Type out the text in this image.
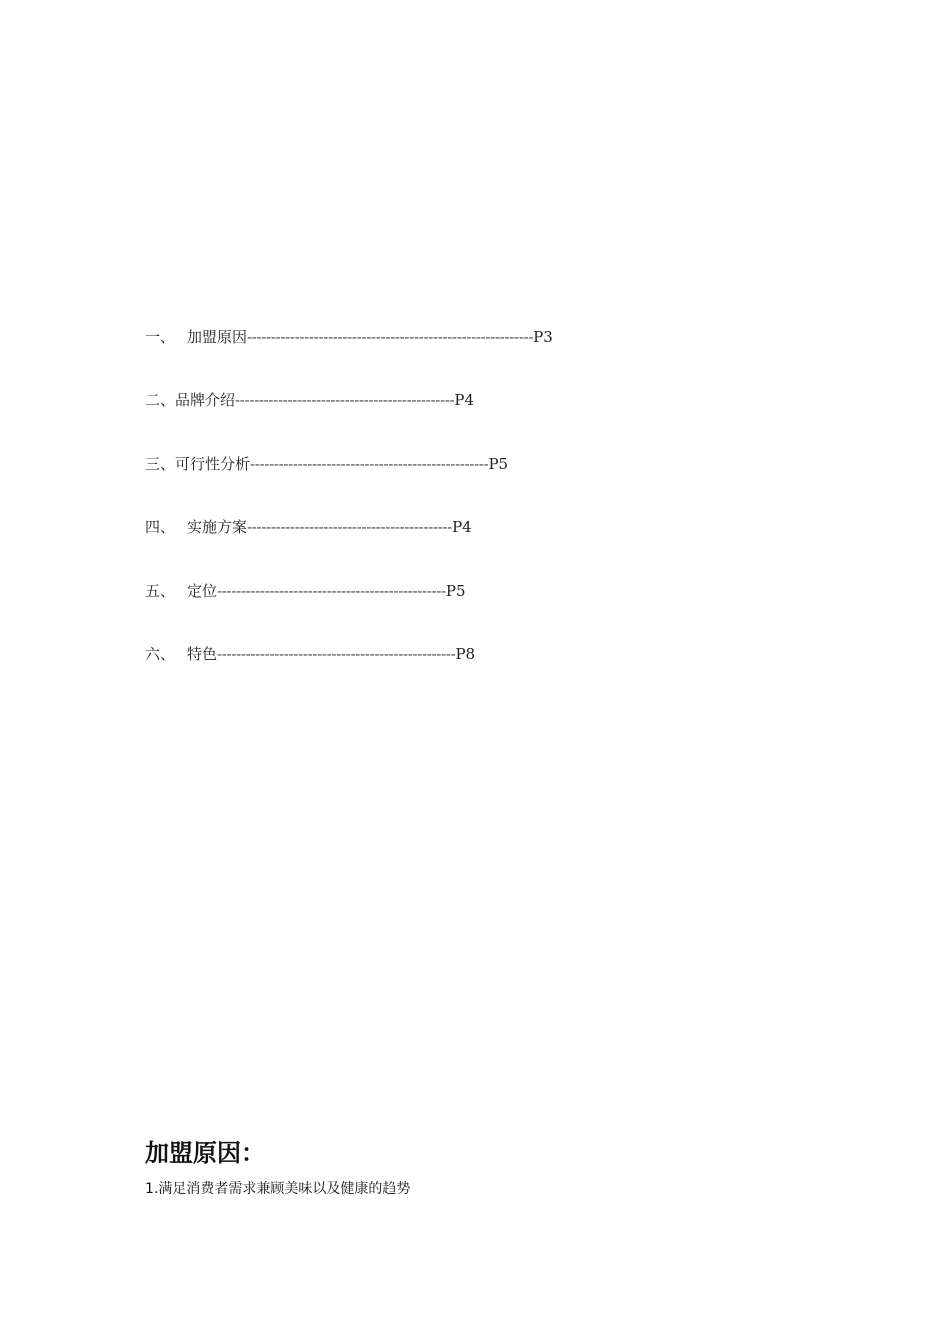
一、 加盟原因------------------------------------------------------------P3
二、品牌介绍----------------------------------------------P4
三、可行性分析--------------------------------------------------P5
四、 实施方案-------------------------------------------P4
五、 定位------------------------------------------------P5
六、 特色--------------------------------------------------P8
加盟原因：

1.满足消费者需求兼顾美味以及健康的趋势
